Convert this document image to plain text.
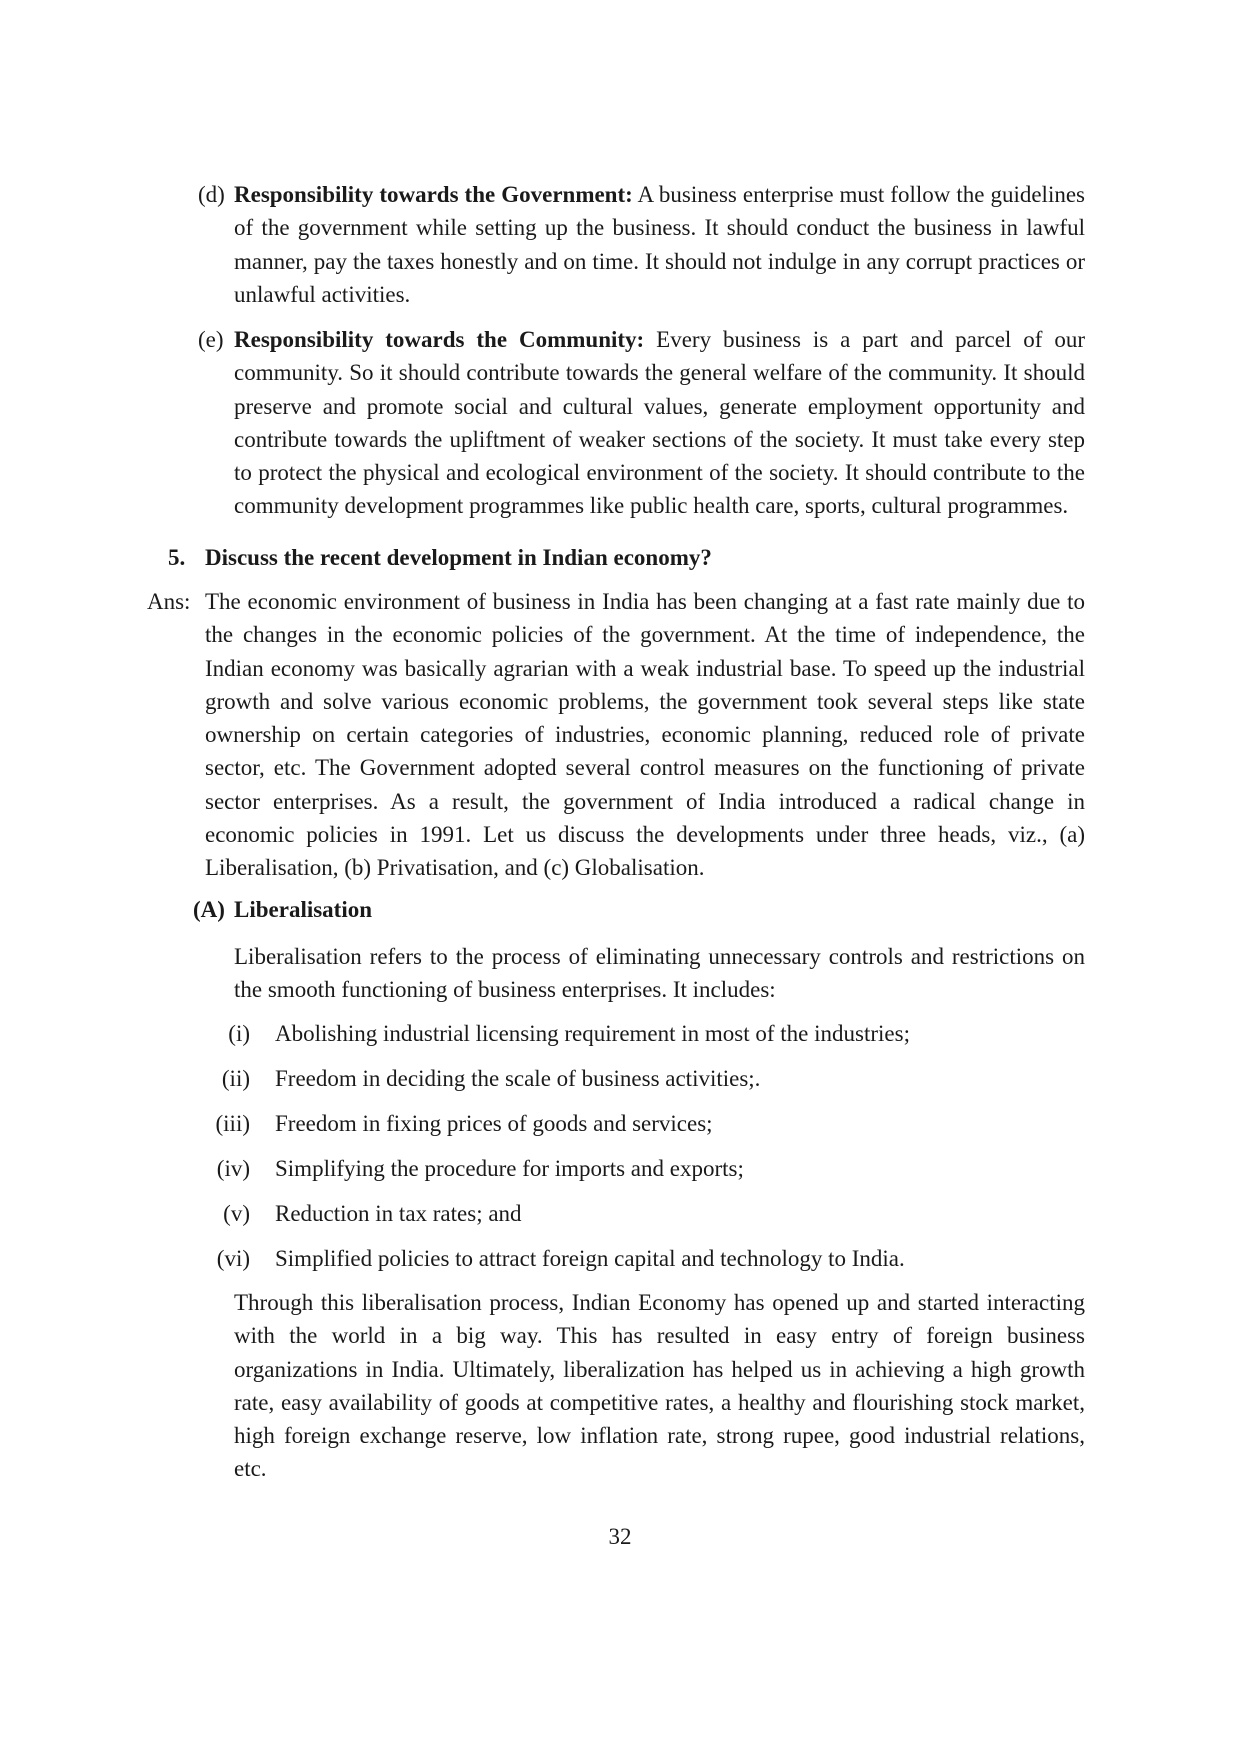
(d) Responsibility towards the Government: A business enterprise must follow the guidelines of the government while setting up the business. It should conduct the business in lawful manner, pay the taxes honestly and on time. It should not indulge in any corrupt practices or unlawful activities.
(e) Responsibility towards the Community: Every business is a part and parcel of our community. So it should contribute towards the general welfare of the community. It should preserve and promote social and cultural values, generate employment opportunity and contribute towards the upliftment of weaker sections of the society. It must take every step to protect the physical and ecological environment of the society. It should contribute to the community development programmes like public health care, sports, cultural programmes.
5. Discuss the recent development in Indian economy?
Ans: The economic environment of business in India has been changing at a fast rate mainly due to the changes in the economic policies of the government. At the time of independence, the Indian economy was basically agrarian with a weak industrial base. To speed up the industrial growth and solve various economic problems, the government took several steps like state ownership on certain categories of industries, economic planning, reduced role of private sector, etc. The Government adopted several control measures on the functioning of private sector enterprises. As a result, the government of India introduced a radical change in economic policies in 1991. Let us discuss the developments under three heads, viz., (a) Liberalisation, (b) Privatisation, and (c) Globalisation.
(A) Liberalisation
Liberalisation refers to the process of eliminating unnecessary controls and restrictions on the smooth functioning of business enterprises. It includes:
(i) Abolishing industrial licensing requirement in most of the industries;
(ii) Freedom in deciding the scale of business activities;.
(iii) Freedom in fixing prices of goods and services;
(iv) Simplifying the procedure for imports and exports;
(v) Reduction in tax rates; and
(vi) Simplified policies to attract foreign capital and technology to India.
Through this liberalisation process, Indian Economy has opened up and started interacting with the world in a big way. This has resulted in easy entry of foreign business organizations in India. Ultimately, liberalization has helped us in achieving a high growth rate, easy availability of goods at competitive rates, a healthy and flourishing stock market, high foreign exchange reserve, low inflation rate, strong rupee, good industrial relations, etc.
32
